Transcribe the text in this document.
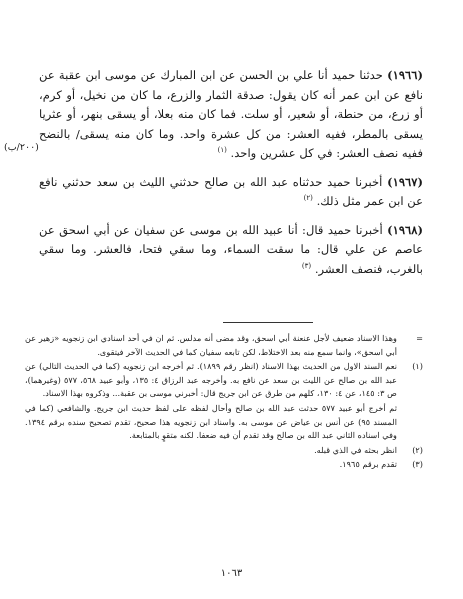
(١٩٦٦) حدثنا حميد أنا علي بن الحسن عن ابن المبارك عن موسى ابن عقبة عن نافع عن ابن عمر أنه كان يقول: صدقة الثمار والزرع، ما كان من نخيل، أو كرم، أو زرع، من حنطة، أو شعير، أو سلت. فما كان منه بعلا، أو يسقى بنهر، أو عثريا يسقى بالمطر، ففيه العشر: من كل عشرة واحد. وما كان منه يسقى/ بالنضح ففيه نصف العشر: في كل عشرين واحد. $^{(١)}$

(١٩٦٧) أخبرنا حميد حدثناه عبد الله بن صالح حدثني الليث بن سعد حدثني نافع عن ابن عمر مثل ذلك. $^{(٢)}$

(١٩٦٨) أخبرنا حميد قال: أنا عبيد الله بن موسى عن سفيان عن أبي اسحق عن عاصم عن علي قال: ما سقت السماء، وما سقي فتحا، فالعشر. وما سقي بالغرب، فنصف العشر. $^{(٣)}$

(٢٠٠/ب)
=
وهذا الاسناد ضعيف لأجل عنعنة أبي اسحق، وقد مضى أنه مدلس. ثم ان في أحد اسنادي ابن زنجويه «زهير عن أبي اسحق»، وانما سمع منه بعد الاختلاط، لكن تابعه سفيان كما في الحديث الآخر فيتقوى.
(١)
نعم السند الاول من الحديث بهذا الاسناد (انظر رقم ١٨٩٩). ثم أخرجه ابن زنجويه (كما في الحديث التالي) عن عبد الله بن صالح عن الليث بن سعد عن نافع به. وأخرجه عبد الرزاق ٤: ١٣٥، وأبو عبيد ٥٦٨، ٥٧٧ (وغيرهما)، ص ٣: ١٤٥، عن ٤: ١٣٠، كلهم من طرق عن ابن جريج قال: أخبرني موسى بن عقبة... وذكروه بهذا الاسناد.
ثم أخرج أبو عبيد ٥٧٧ حدثت عبد الله بن صالح وأحال لفظه على لفظ حديث ابن جريج. والشافعي (كما في المسند ٩٥) عن أنس بن عياض عن موسى به. واسناد ابن زنجويه هذا صحيح، تقدم تصحيح سنده برقم ١٣٩٤. وفي اسناده الثاني عبد الله بن صالح وقد تقدم أن فيه ضعفا. لكنه متقوٍ بالمتابعة.
(٢)
انظر بحثه في الذي قبله.
(٣)
تقدم برقم ١٩٦٥.
١٠٦٣
